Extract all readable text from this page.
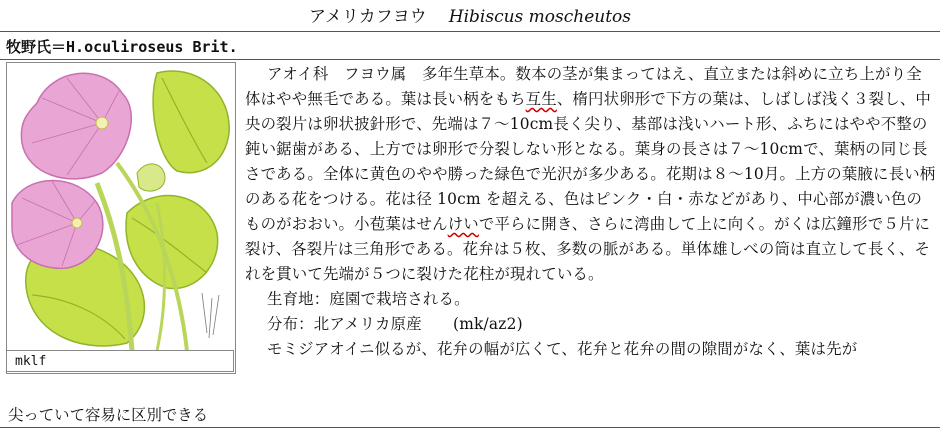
アメリカフヨウ Hibiscus moscheutos
牧野氏＝H.oculiroseus Brit.
mklf

アオイ科　フヨウ属　多年生草本。数本の茎が集まってはえ、直立または斜めに立ち上がり全体はやや無毛である。葉は長い柄をもち互生、楕円状卵形で下方の葉は、しばしば浅く３裂し、中央の裂片は卵状披針形で、先端は７～10cm長く尖り、基部は浅いハート形、ふちにはやや不整の鈍い鋸歯がある、上方では卵形で分裂しない形となる。葉身の長さは７～10cmで、葉柄の同じ長さである。全体に黄色のやや勝った緑色で光沢が多少ある。花期は８～10月。上方の葉腋に長い柄のある花をつける。花は径 10cm を超える、色はピンク・白・赤などがあり、中心部が濃い色のものがおおい。小苞葉はせんけいで平らに開き、さらに湾曲して上に向く。がくは広鐘形で５片に裂け、各裂片は三角形である。花弁は５枚、多数の脈がある。単体雄しべの筒は直立して長く、それを貫いて先端が５つに裂けた花柱が現れている。

生育地：庭園で栽培される。

分布：北アメリカ原産　　(mk/az2)

モミジアオイニ似るが、花弁の幅が広くて、花弁と花弁の間の隙間がなく、葉は先が

尖っていて容易に区別できる
